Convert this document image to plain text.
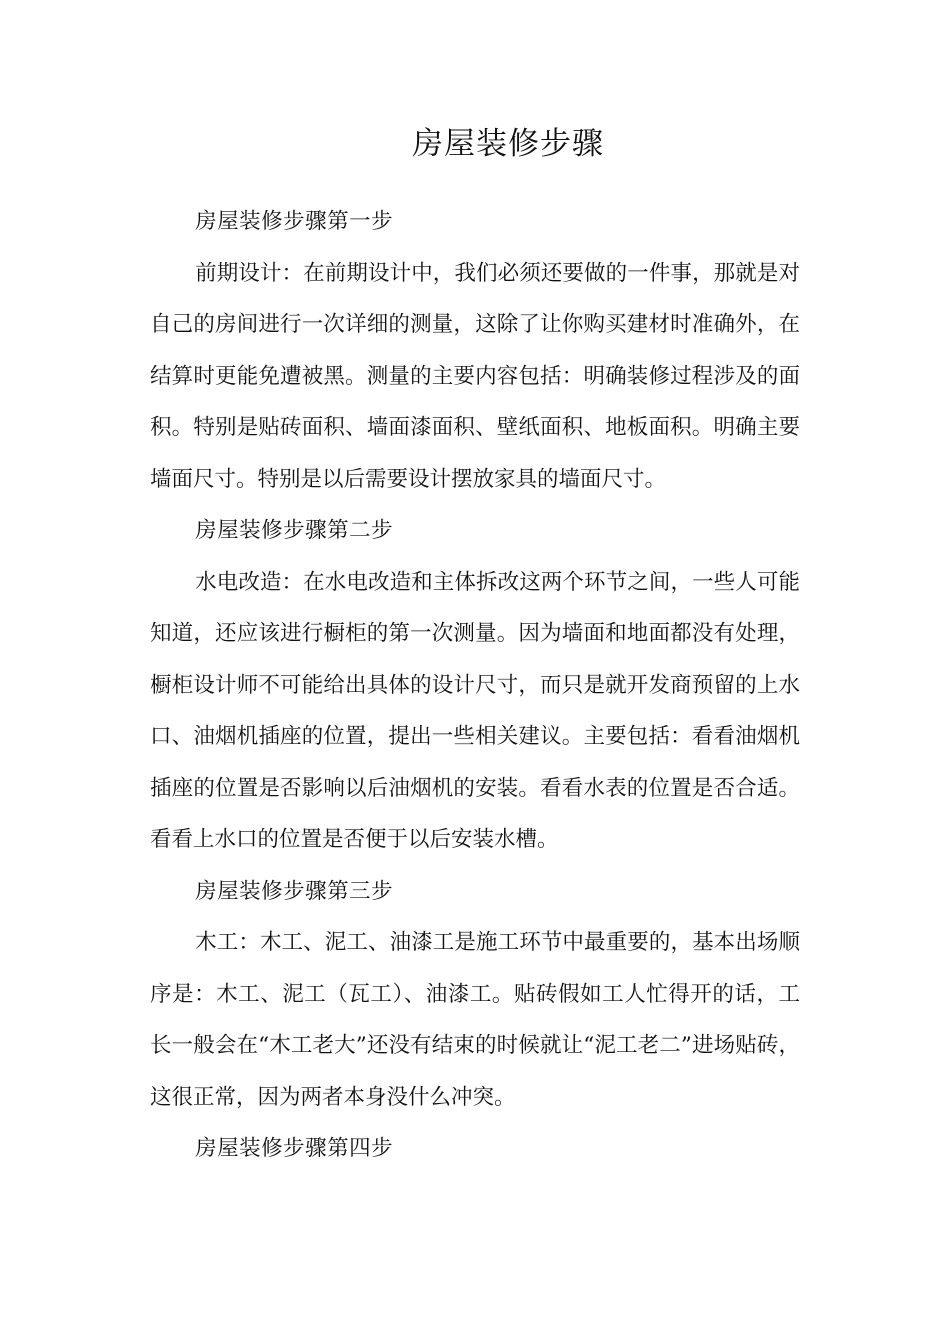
房屋装修步骤

房屋装修步骤第一步

前期设计：在前期设计中，我们必须还要做的一件事，那就是对自己的房间进行一次详细的测量，这除了让你购买建材时准确外，在结算时更能免遭被黑。测量的主要内容包括：明确装修过程涉及的面积。特别是贴砖面积、墙面漆面积、壁纸面积、地板面积。明确主要墙面尺寸。特别是以后需要设计摆放家具的墙面尺寸。

房屋装修步骤第二步

水电改造：在水电改造和主体拆改这两个环节之间，一些人可能知道，还应该进行橱柜的第一次测量。因为墙面和地面都没有处理，橱柜设计师不可能给出具体的设计尺寸，而只是就开发商预留的上水口、油烟机插座的位置，提出一些相关建议。主要包括：看看油烟机插座的位置是否影响以后油烟机的安装。看看水表的位置是否合适。看看上水口的位置是否便于以后安装水槽。

房屋装修步骤第三步

木工：木工、泥工、油漆工是施工环节中最重要的，基本出场顺序是：木工、泥工（瓦工）、油漆工。贴砖假如工人忙得开的话，工长一般会在“木工老大”还没有结束的时候就让“泥工老二”进场贴砖，这很正常，因为两者本身没什么冲突。

房屋装修步骤第四步
